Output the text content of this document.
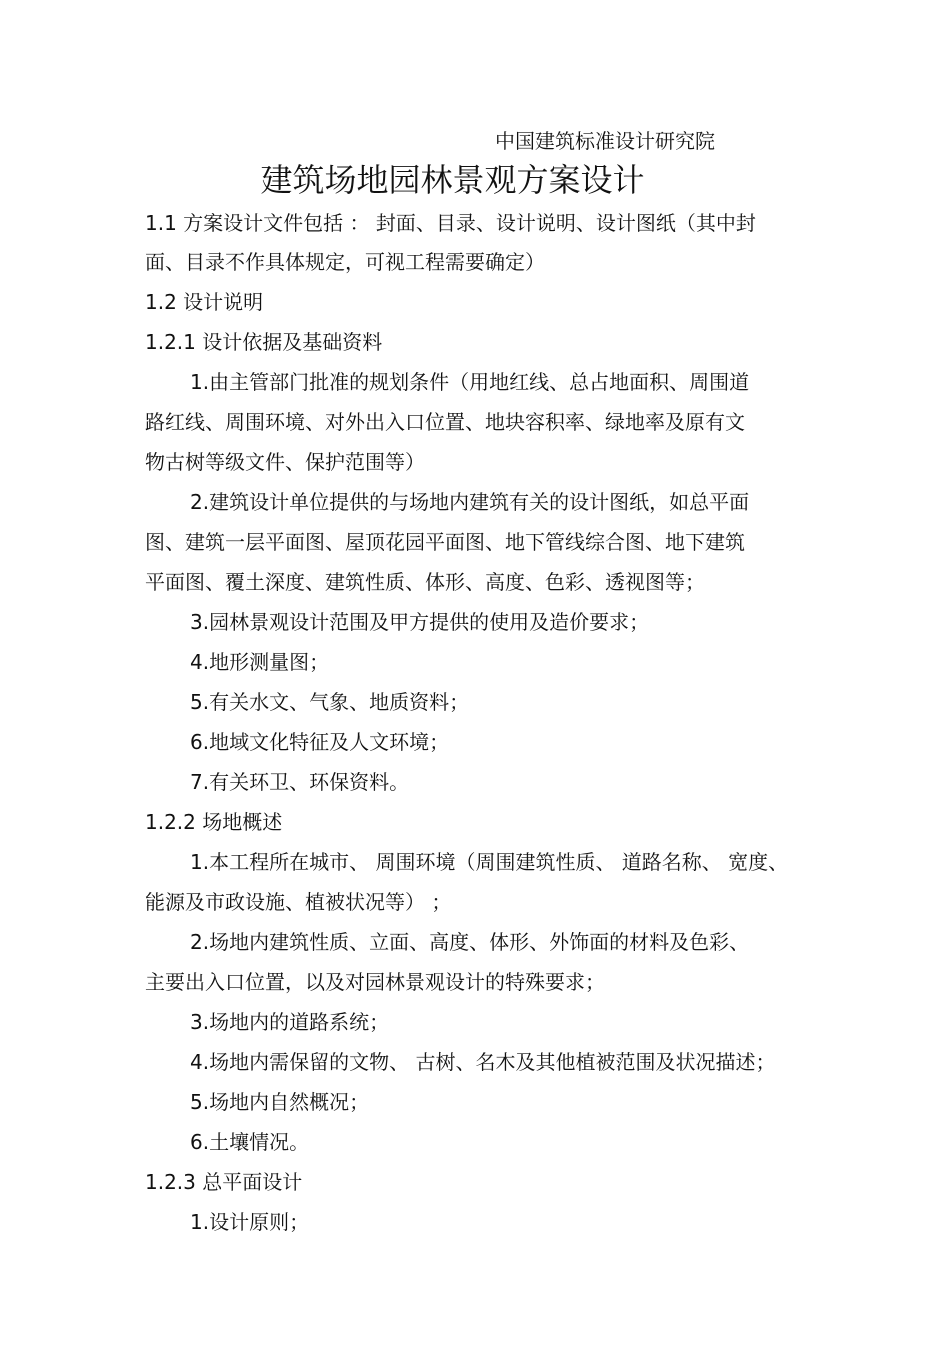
中国建筑标准设计研究院
建筑场地园林景观方案设计
1.1 方案设计文件包括 ： 封面、目录、设计说明、设计图纸（其中封
面、目录不作具体规定，可视工程需要确定）
1.2 设计说明
1.2.1 设计依据及基础资料
1.由主管部门批准的规划条件（用地红线、总占地面积、周围道
路红线、周围环境、对外出入口位置、地块容积率、绿地率及原有文
物古树等级文件、保护范围等）
2.建筑设计单位提供的与场地内建筑有关的设计图纸，如总平面
图、建筑一层平面图、屋顶花园平面图、地下管线综合图、地下建筑
平面图、覆土深度、建筑性质、体形、高度、色彩、透视图等；
3.园林景观设计范围及甲方提供的使用及造价要求；
4.地形测量图；
5.有关水文、气象、地质资料；
6.地域文化特征及人文环境；
7.有关环卫、环保资料。
1.2.2 场地概述
1.本工程所在城市、 周围环境（周围建筑性质、 道路名称、 宽度、
能源及市政设施、植被状况等） ；
2.场地内建筑性质、立面、高度、体形、外饰面的材料及色彩、
主要出入口位置，以及对园林景观设计的特殊要求；
3.场地内的道路系统；
4.场地内需保留的文物、 古树、名木及其他植被范围及状况描述；
5.场地内自然概况；
6.土壤情况。
1.2.3 总平面设计
1.设计原则；
